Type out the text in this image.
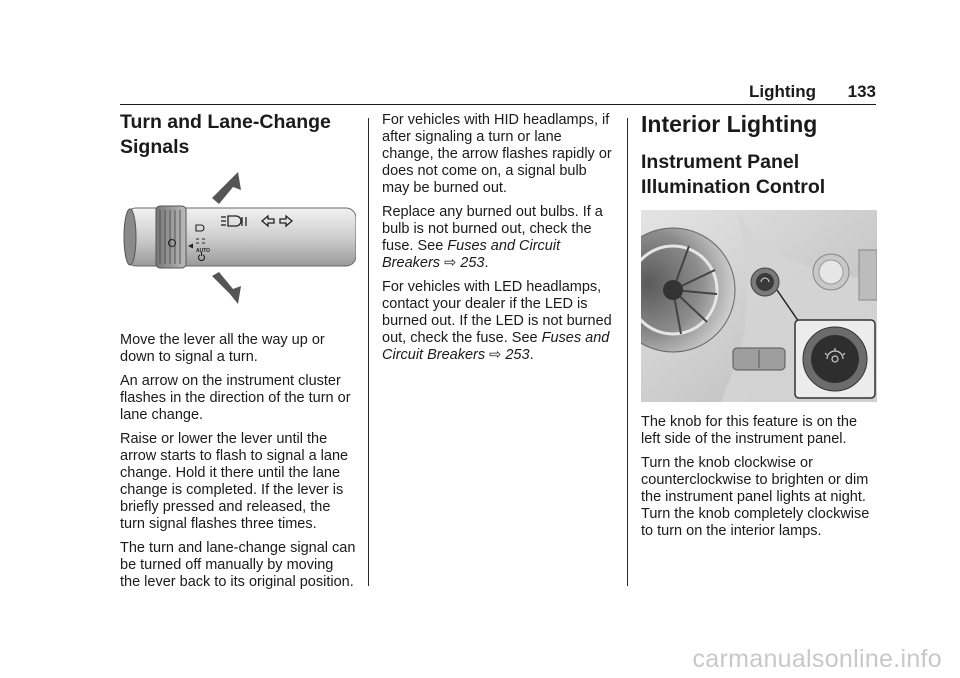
Lighting 133
Turn and Lane-Change Signals
AUTO

Move the lever all the way up or down to signal a turn.

An arrow on the instrument cluster flashes in the direction of the turn or lane change.

Raise or lower the lever until the arrow starts to flash to signal a lane change. Hold it there until the lane change is completed. If the lever is briefly pressed and released, the turn signal flashes three times.

The turn and lane-change signal can be turned off manually by moving the lever back to its original position.

For vehicles with HID headlamps, if after signaling a turn or lane change, the arrow flashes rapidly or does not come on, a signal bulb may be burned out.

Replace any burned out bulbs. If a bulb is not burned out, check the fuse. See Fuses and Circuit Breakers ⇨ 253.

For vehicles with LED headlamps, contact your dealer if the LED is burned out. If the LED is not burned out, check the fuse. See Fuses and Circuit Breakers ⇨ 253.

Interior Lighting
Instrument Panel Illumination Control

The knob for this feature is on the left side of the instrument panel.

Turn the knob clockwise or counterclockwise to brighten or dim the instrument panel lights at night. Turn the knob completely clockwise to turn on the interior lamps.

carmanualsonline.info
